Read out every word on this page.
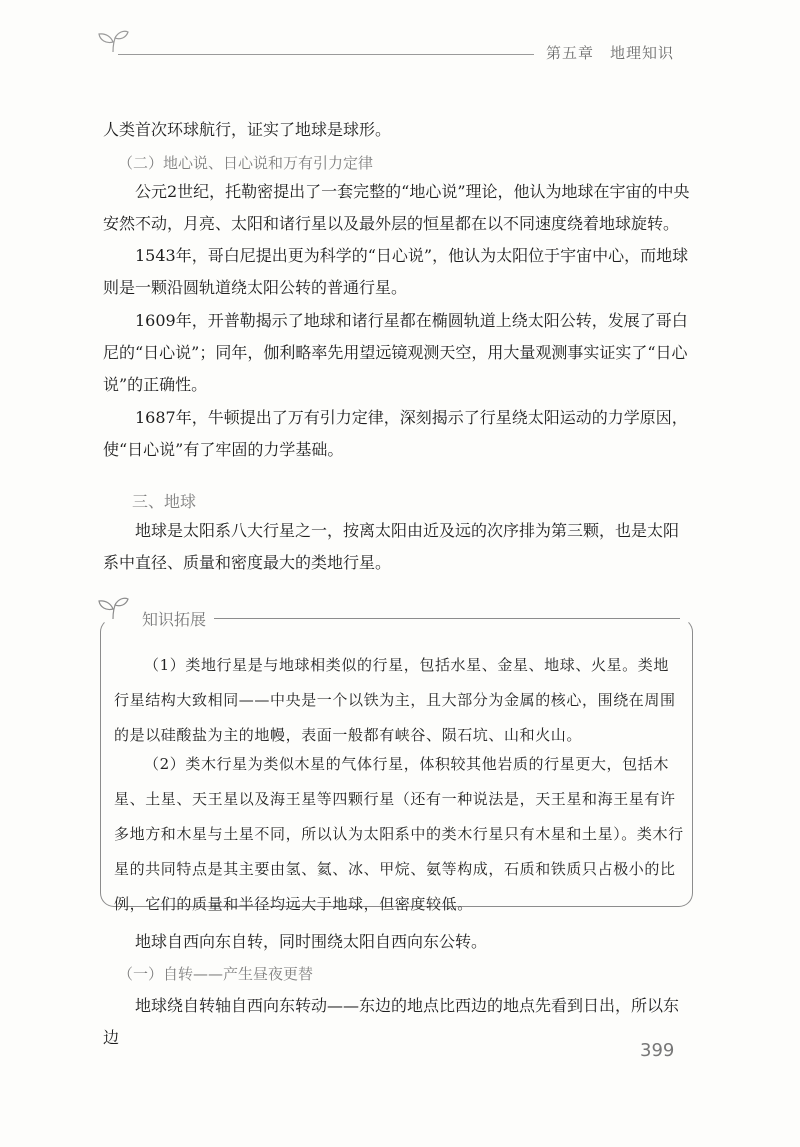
第五章 地理知识

人类首次环球航行，证实了地球是球形。

（二）地心说、日心说和万有引力定律

公元2世纪，托勒密提出了一套完整的“地心说”理论，他认为地球在宇宙的中央安然不动，月亮、太阳和诸行星以及最外层的恒星都在以不同速度绕着地球旋转。

1543年，哥白尼提出更为科学的“日心说”，他认为太阳位于宇宙中心，而地球则是一颗沿圆轨道绕太阳公转的普通行星。

1609年，开普勒揭示了地球和诸行星都在椭圆轨道上绕太阳公转，发展了哥白尼的“日心说”；同年，伽利略率先用望远镜观测天空，用大量观测事实证实了“日心说”的正确性。

1687年，牛顿提出了万有引力定律，深刻揭示了行星绕太阳运动的力学原因，使“日心说”有了牢固的力学基础。

三、地球

地球是太阳系八大行星之一，按离太阳由近及远的次序排为第三颗，也是太阳系中直径、质量和密度最大的类地行星。

知识拓展

（1）类地行星是与地球相类似的行星，包括水星、金星、地球、火星。类地行星结构大致相同——中央是一个以铁为主，且大部分为金属的核心，围绕在周围的是以硅酸盐为主的地幔，表面一般都有峡谷、陨石坑、山和火山。

（2）类木行星为类似木星的气体行星，体积较其他岩质的行星更大，包括木星、土星、天王星以及海王星等四颗行星（还有一种说法是，天王星和海王星有许多地方和木星与土星不同，所以认为太阳系中的类木行星只有木星和土星）。类木行星的共同特点是其主要由氢、氦、冰、甲烷、氨等构成，石质和铁质只占极小的比例，它们的质量和半径均远大于地球，但密度较低。

地球自西向东自转，同时围绕太阳自西向东公转。

（一）自转——产生昼夜更替

地球绕自转轴自西向东转动——东边的地点比西边的地点先看到日出，所以东边

399
